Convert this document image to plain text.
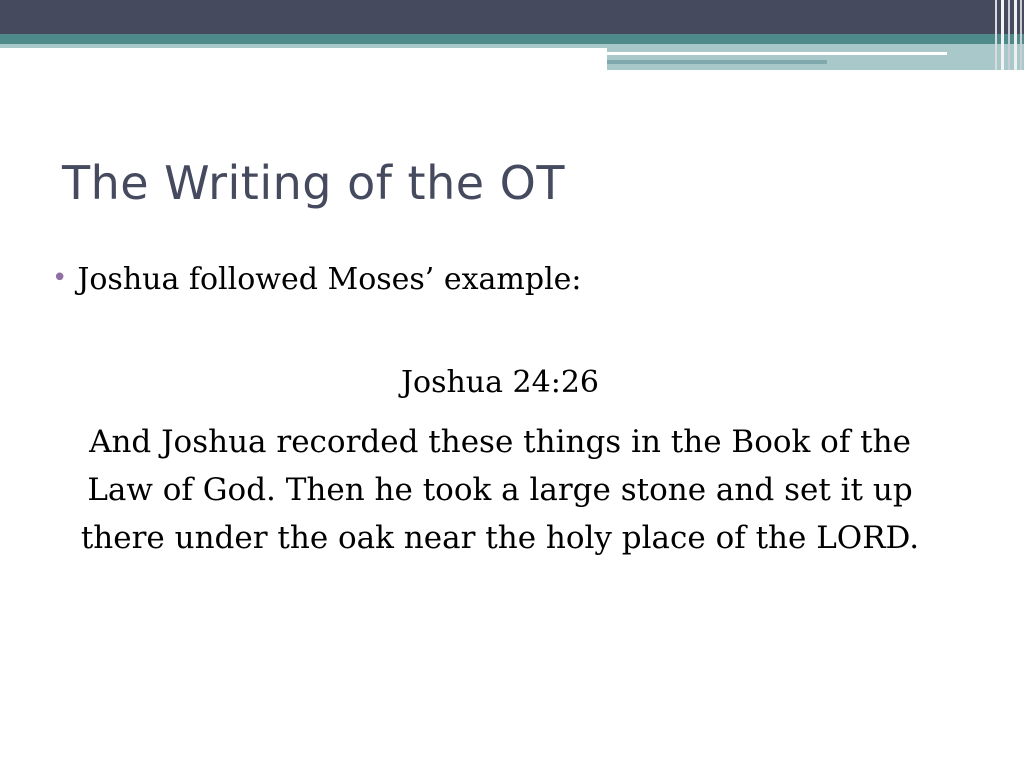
The Writing of the OT
• Joshua followed Moses’ example:
Joshua 24:26
And Joshua recorded these things in the Book of the
Law of God. Then he took a large stone and set it up
there under the oak near the holy place of the LORD.
